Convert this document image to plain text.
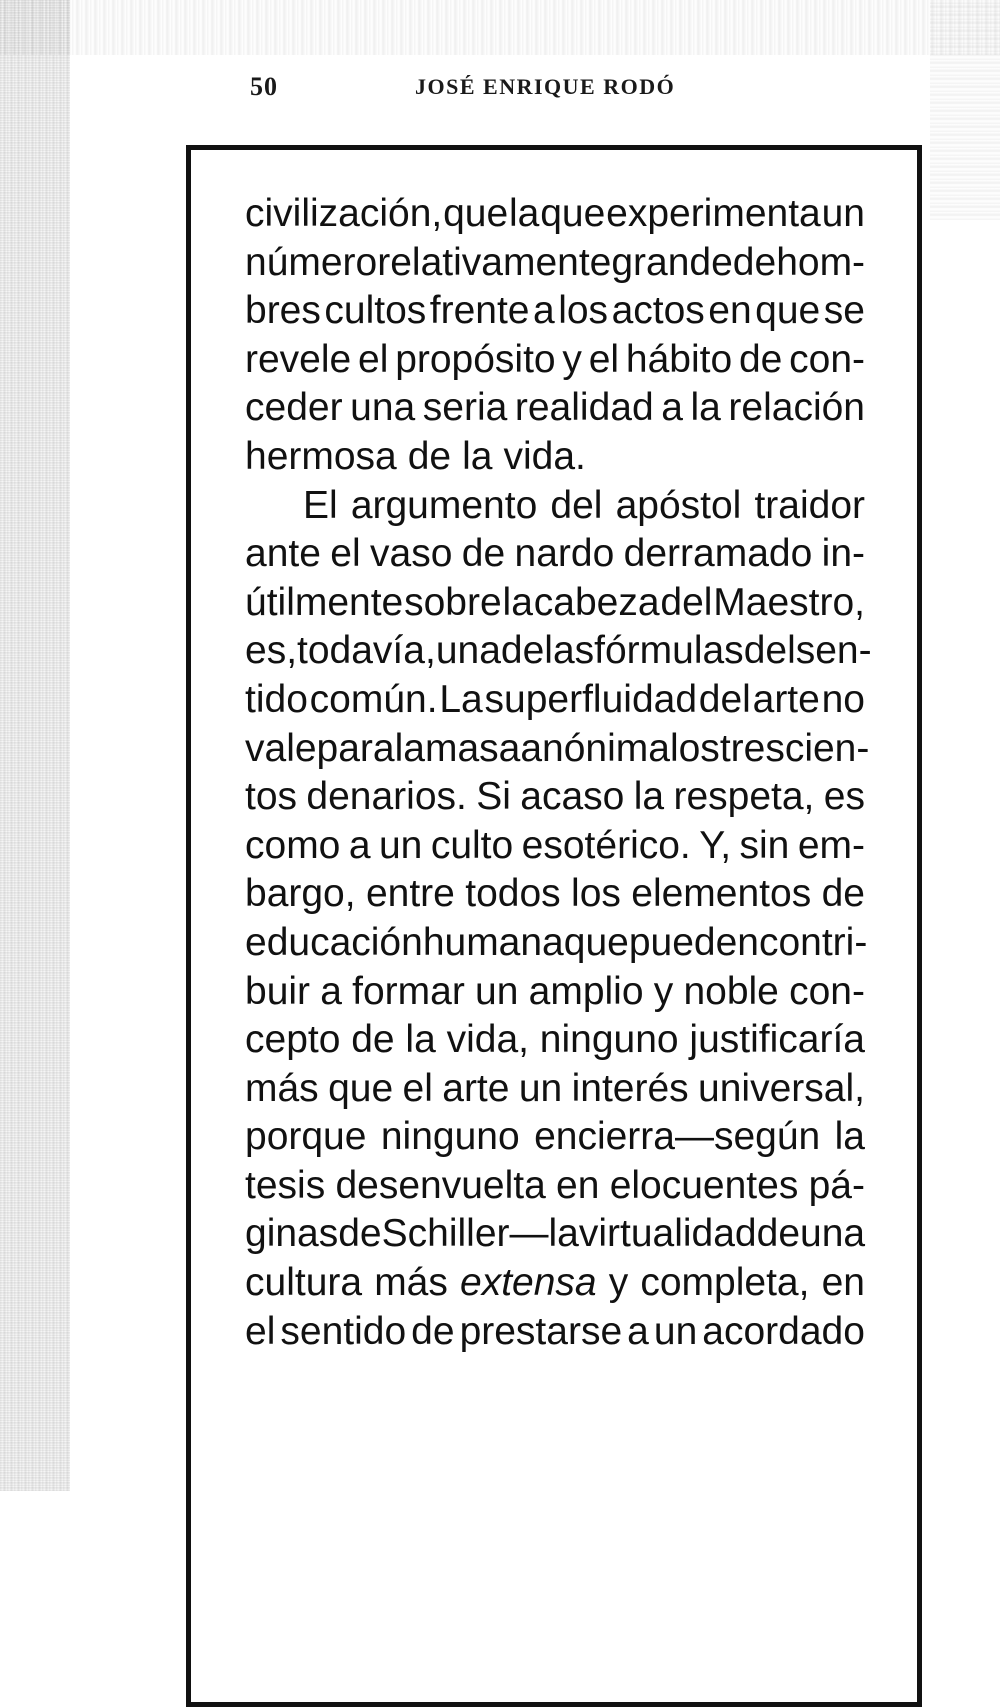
50	JOSÉ ENRIQUE RODÓ
civilización, que la que experimenta un
número relativamente grande de hom-
bres cultos frente a los actos en que se
revele el propósito y el hábito de con-
ceder una seria realidad a la relación
hermosa de la vida.
El argumento del apóstol traidor
ante el vaso de nardo derramado in-
útilmente sobre la cabeza del Maestro,
es, todavía, una de las fórmulas del sen-
tido común. La superfluidad del arte no
vale para la masa anónima los trescien-
tos denarios. Si acaso la respeta, es
como a un culto esotérico. Y, sin em-
bargo, entre todos los elementos de
educación humana que pueden contri-
buir a formar un amplio y noble con-
cepto de la vida, ninguno justificaría
más que el arte un interés universal,
porque ninguno encierra—según la
tesis desenvuelta en elocuentes pá-
ginas de Schiller—la virtualidad de una
cultura más extensa y completa, en
el sentido de prestarse a un acordado
